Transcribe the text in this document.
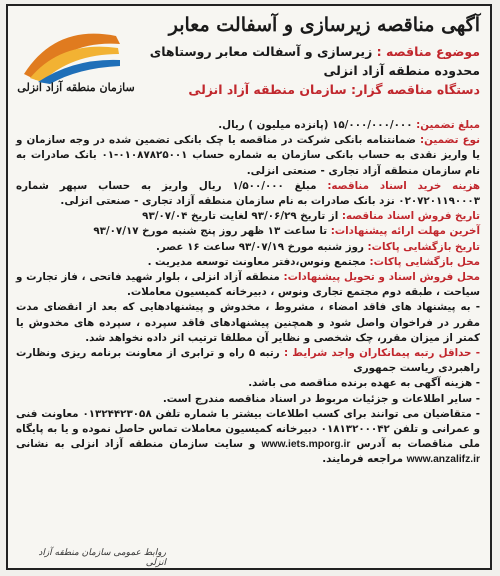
سازمان منطقه آزاد انزلی
آگهی مناقصه زیرسازی و آسفالت معابر
موضوع مناقصه : زیرسازی و آسفالت معابر روستاهای محدوده منطقه آزاد انزلی
دستگاه مناقصه گزار: سازمان منطقه آزاد انزلی

مبلغ تضمین: ۱۵/۰۰۰/۰۰۰/۰۰۰ (پانزده میلیون ) ریال.

نوع تضمین: ضمانتنامه بانکی شرکت در مناقصه یا چک بانکی تضمین شده در وجه سازمان و یا واریز نقدی به حساب بانکی سازمان به شماره حساب ۰۱۰۸۷۸۲۵۰۰۱-۰۱ بانک صادرات به نام سازمان منطقه آزاد تجاری - صنعتی انزلی.

هزینه خرید اسناد مناقصه: مبلغ ۱/۵۰۰/۰۰۰ ریال واریز به حساب سپهر شماره ۰۲۰۷۲۰۱۱۹۰۰۰۳ نزد بانک صادرات به نام سازمان منطقه آزاد تجاری - صنعتی انزلی.

تاریخ فروش اسناد مناقصه: از تاریخ ۹۳/۰۶/۲۹ لغایت تاریخ ۹۳/۰۷/۰۴

آخرین مهلت ارائه پیشنهادات: تا ساعت ۱۳ ظهر روز پنج شنبه مورخ ۹۳/۰۷/۱۷

تاریخ بازگشایی پاکات: روز شنبه مورخ ۹۳/۰۷/۱۹ ساعت ۱۶ عصر.

محل بازگشایی پاکات: مجتمع ونوس،دفتر معاونت توسعه مدیریت .

محل فروش اسناد و تحویل پیشنهادات: منطقه آزاد انزلی ، بلوار شهید فاتحی ، فاز تجارت و سیاحت ، طبقه دوم مجتمع تجاری ونوس ، دبیرخانه کمیسیون معاملات.

- به پیشنهاد های فاقد امضاء ، مشروط ، مخدوش و پیشنهادهایی که بعد از انقضای مدت مقرر در فراخوان واصل شود و همچنین پیشنهادهای فاقد سپرده ، سپرده های مخدوش یا کمتر از میزان مقرر، چک شخصی و نظایر آن مطلقا ترتیب اثر داده نخواهد شد.

- حداقل رتبه پیمانکاران واجد شرایط : رتبه ۵ راه و ترابری از معاونت برنامه ریزی ونظارت راهبردی ریاست جمهوری

- هزینه آگهی به عهده برنده مناقصه می باشد.

- سایر اطلاعات و جزئیات مربوط در اسناد مناقصه مندرج است.

- متقاضیان می توانند برای کسب اطلاعات بیشتر با شماره تلفن ۰۱۳۲۴۴۲۳۰۵۸ معاونت فنی و عمرانی و تلفن ۰۱۸۱۳۲۰۰۰۴۲ دبیرخانه کمیسیون معاملات تماس حاصل نموده و یا به پایگاه ملی مناقصات به آدرس www.iets.mporg.ir و سایت سازمان منطقه آزاد انزلی به نشانی www.anzalifz.ir مراجعه فرمایند.

روابط عمومی سازمان منطقه آزاد انزلی
